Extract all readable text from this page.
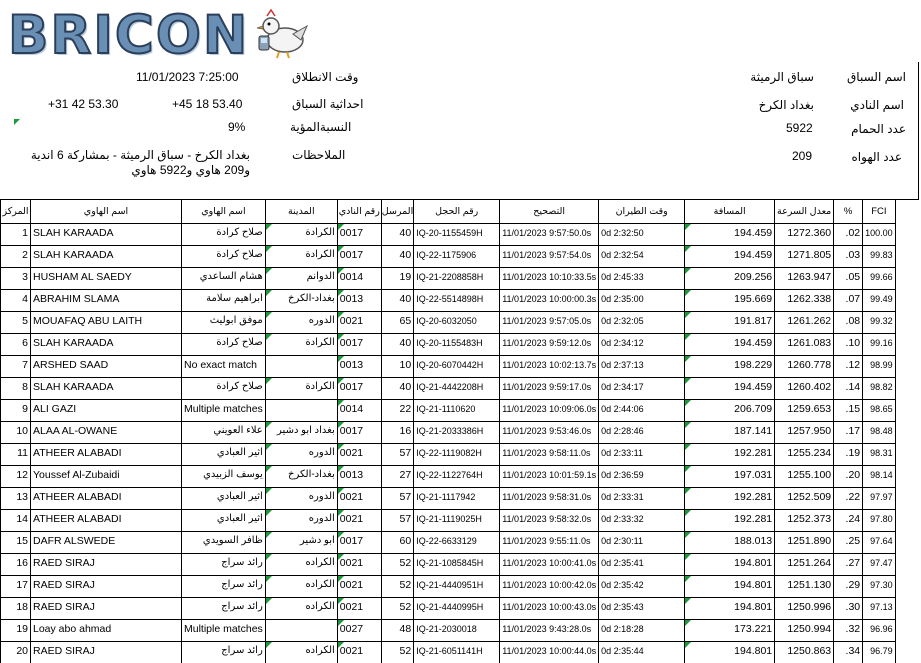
BRICON
اسم السباق
سباق الرميثة
اسم النادي
بغداد الكرخ
عدد الحمام
5922
عدد الهواه
209
وقت الانطلاق
11/01/2023 7:25:00
احداثية السباق
+45 18 53.40
+31 42 53.30
النسبةالمؤية
9%
الملاحظات
بغداد الكرخ - سباق الرميثة - بمشاركة 6 اندية و209 هاوي و5922 هاوي
المركز	اسم الهاوي	اسم الهاوي	المدينة	رقم النادي	المرسل	رقم الحجل	التصحيح	وقت الطيران	المسافة	معدل السرعة	%	FCI
1	SLAH KARAADA	صلاح كرادة	الكرادة	0017	40	IQ-20-1155459H	11/01/2023 9:57:50.0s	0d 2:32:50	194.459	1272.360	.02	100.00
2	SLAH KARAADA	صلاح كرادة	الكرادة	0017	40	IQ-22-1175906	11/01/2023 9:57:54.0s	0d 2:32:54	194.459	1271.805	.03	99.83
3	HUSHAM AL SAEDY	هشام الساعدي	الدوانم	0014	19	IQ-21-2208858H	11/01/2023 10:10:33.5s	0d 2:45:33	209.256	1263.947	.05	99.66
4	ABRAHIM SLAMA	ابراهيم سلامة	بغداد-الكرخ	0013	40	IQ-22-5514898H	11/01/2023 10:00:00.3s	0d 2:35:00	195.669	1262.338	.07	99.49
5	MOUAFAQ ABU LAITH	موفق ابوليث	الدوره	0021	65	IQ-20-6032050	11/01/2023 9:57:05.0s	0d 2:32:05	191.817	1261.262	.08	99.32
6	SLAH KARAADA	صلاح كرادة	الكرادة	0017	40	IQ-20-1155483H	11/01/2023 9:59:12.0s	0d 2:34:12	194.459	1261.083	.10	99.16
7	ARSHED SAAD	No exact match		0013	10	IQ-20-6070442H	11/01/2023 10:02:13.7s	0d 2:37:13	198.229	1260.778	.12	98.99
8	SLAH KARAADA	صلاح كرادة	الكرادة	0017	40	IQ-21-4442208H	11/01/2023 9:59:17.0s	0d 2:34:17	194.459	1260.402	.14	98.82
9	ALI GAZI	Multiple matches		0014	22	IQ-21-1110620	11/01/2023 10:09:06.0s	0d 2:44:06	206.709	1259.653	.15	98.65
10	ALAA AL-OWANE	علاء العويني	بغداد ابو دشير	0017	16	IQ-21-2033386H	11/01/2023 9:53:46.0s	0d 2:28:46	187.141	1257.950	.17	98.48
11	ATHEER ALABADI	اثير العبادي	الدوره	0021	57	IQ-22-1119082H	11/01/2023 9:58:11.0s	0d 2:33:11	192.281	1255.234	.19	98.31
12	Youssef Al-Zubaidi	يوسف الزبيدي	بغداد-الكرخ	0013	27	IQ-22-1122764H	11/01/2023 10:01:59.1s	0d 2:36:59	197.031	1255.100	.20	98.14
13	ATHEER ALABADI	اثير العبادي	الدوره	0021	57	IQ-21-1117942	11/01/2023 9:58:31.0s	0d 2:33:31	192.281	1252.509	.22	97.97
14	ATHEER ALABADI	اثير العبادي	الدوره	0021	57	IQ-21-1119025H	11/01/2023 9:58:32.0s	0d 2:33:32	192.281	1252.373	.24	97.80
15	DAFR ALSWEDE	ظافر السويدي	ابو دشير	0017	60	IQ-22-6633129	11/01/2023 9:55:11.0s	0d 2:30:11	188.013	1251.890	.25	97.64
16	RAED SIRAJ	رائد سراج	الكراده	0021	52	IQ-21-1085845H	11/01/2023 10:00:41.0s	0d 2:35:41	194.801	1251.264	.27	97.47
17	RAED SIRAJ	رائد سراج	الكراده	0021	52	IQ-21-4440951H	11/01/2023 10:00:42.0s	0d 2:35:42	194.801	1251.130	.29	97.30
18	RAED SIRAJ	رائد سراج	الكراده	0021	52	IQ-21-4440995H	11/01/2023 10:00:43.0s	0d 2:35:43	194.801	1250.996	.30	97.13
19	Loay abo ahmad	Multiple matches		0027	48	IQ-21-2030018	11/01/2023 9:43:28.0s	0d 2:18:28	173.221	1250.994	.32	96.96
20	RAED SIRAJ	رائد سراج	الكراده	0021	52	IQ-21-6051141H	11/01/2023 10:00:44.0s	0d 2:35:44	194.801	1250.863	.34	96.79
